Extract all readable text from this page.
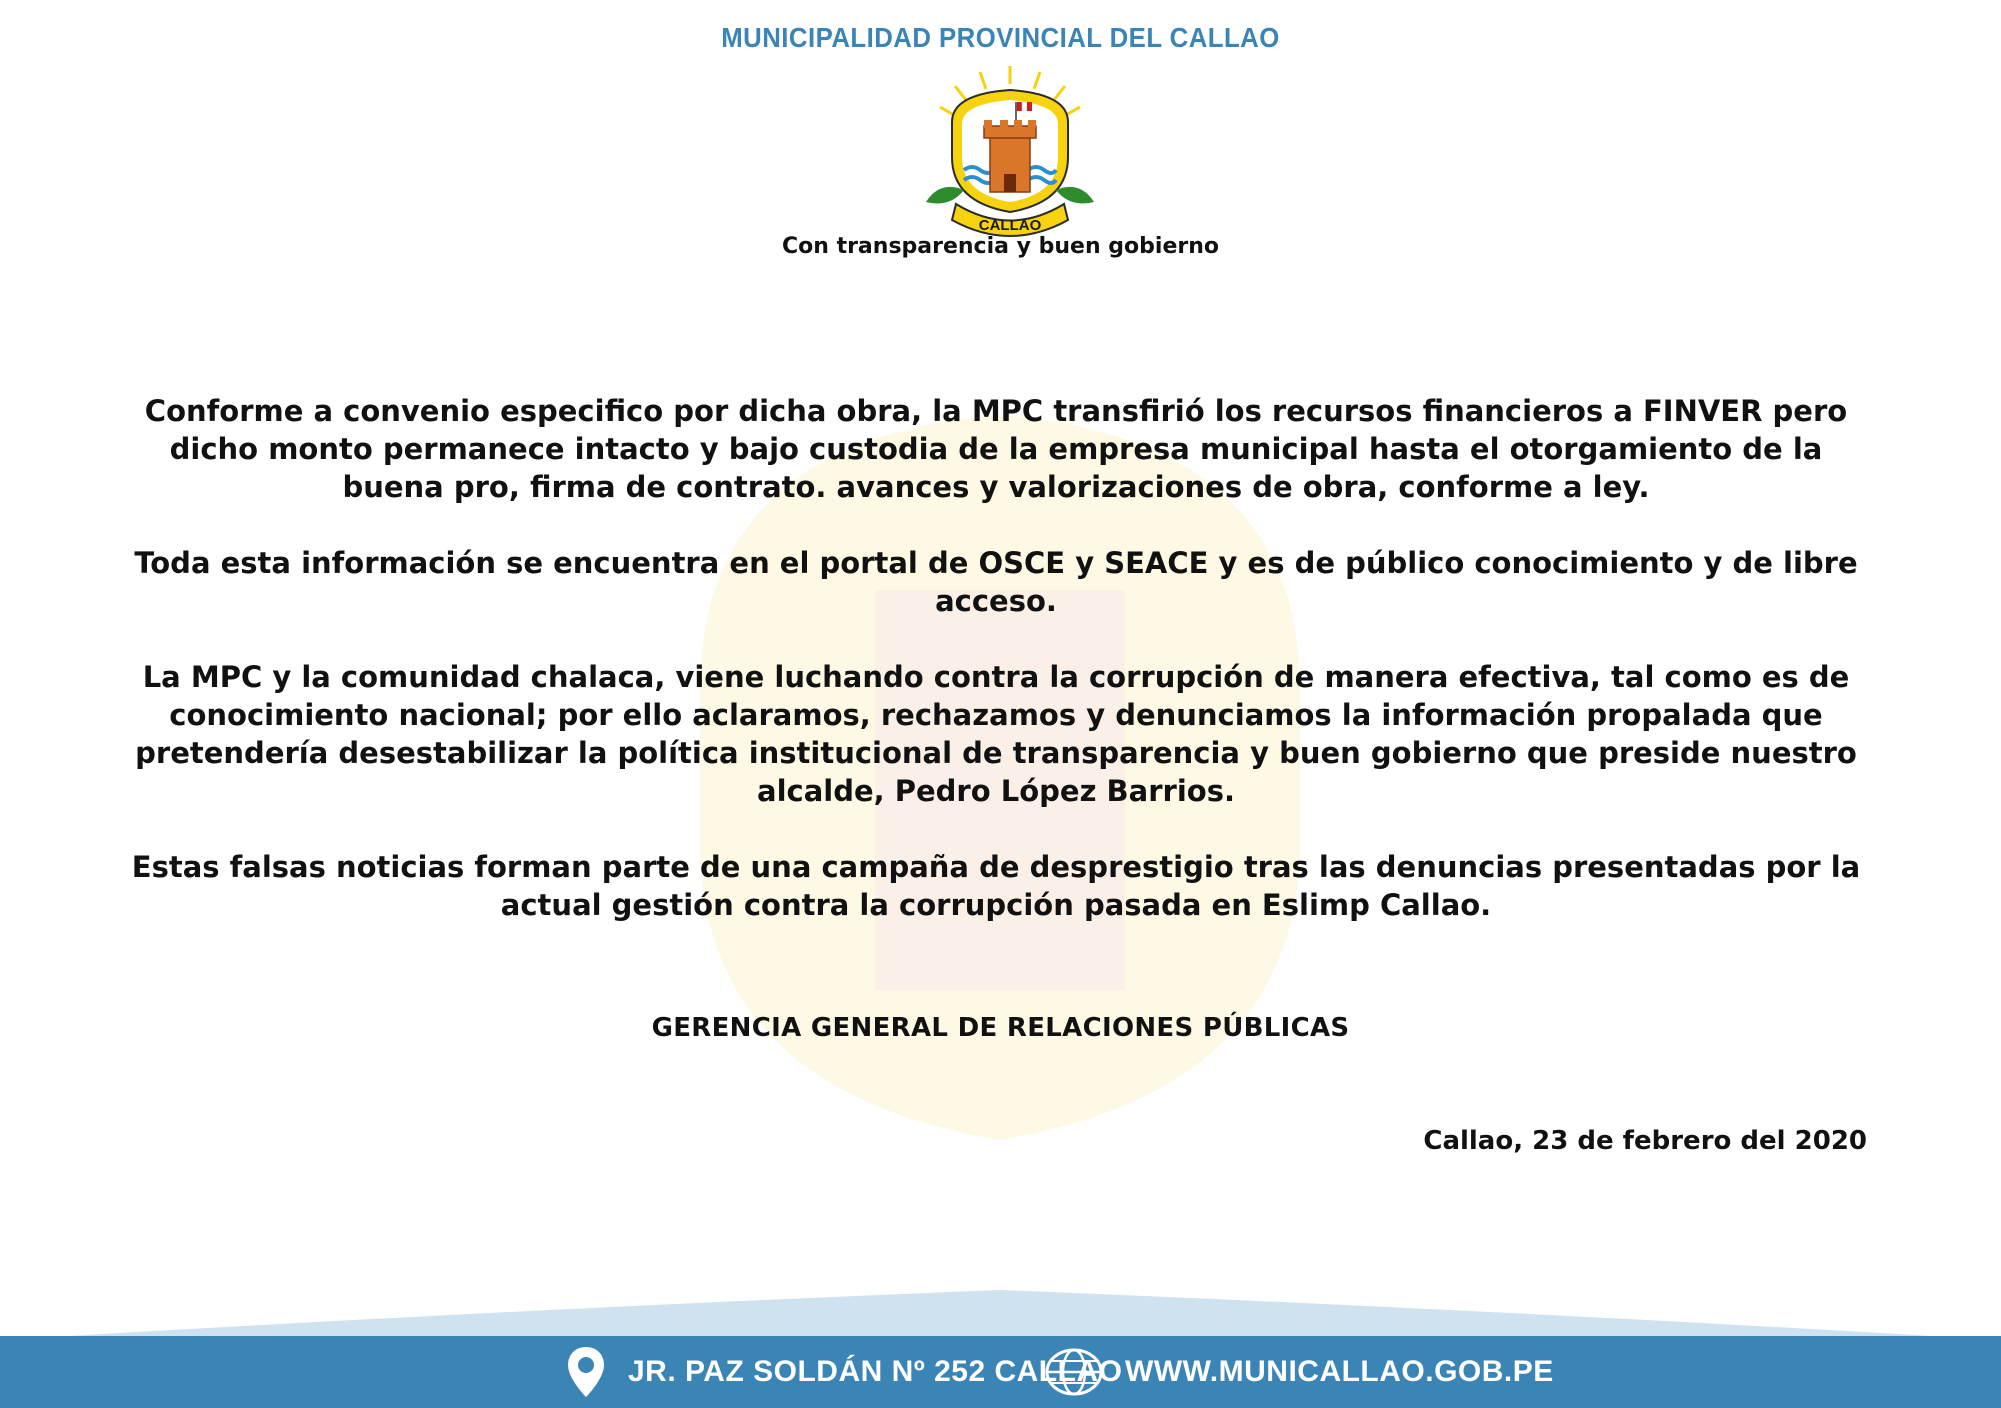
MUNICIPALIDAD PROVINCIAL DEL CALLAO
CALLAO
Con transparencia y buen gobierno

Conforme a convenio especifico por dicha obra, la MPC transfirió los recursos financieros a FINVER pero dicho monto permanece intacto y bajo custodia de la empresa municipal hasta el otorgamiento de la buena pro, firma de contrato. avances y valorizaciones de obra, conforme a ley.

Toda esta información se encuentra en el portal de OSCE y SEACE y es de público conocimiento y de libre acceso.

La MPC y la comunidad chalaca, viene luchando contra la corrupción de manera efectiva, tal como es de conocimiento nacional; por ello aclaramos, rechazamos y denunciamos la información propalada que pretendería desestabilizar la política institucional de transparencia y buen gobierno que preside nuestro alcalde, Pedro López Barrios.

Estas falsas noticias forman parte de una campaña de desprestigio tras las denuncias presentadas por la actual gestión contra la corrupción pasada en Eslimp Callao.

GERENCIA GENERAL DE RELACIONES PÚBLICAS
Callao, 23 de febrero del 2020
JR. PAZ SOLDÁN Nº 252 CALLAO WWW.MUNICALLAO.GOB.PE
